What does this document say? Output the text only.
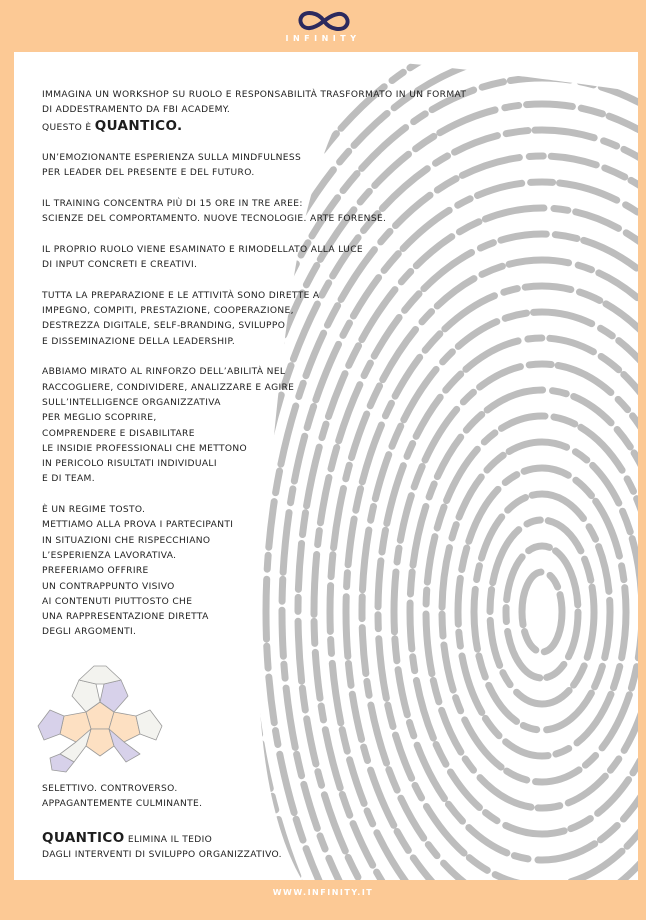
INFINITY

IMMAGINA UN WORKSHOP SU RUOLO E RESPONSABILITÀ TRASFORMATO IN UN FORMAT
DI ADDESTRAMENTO DA FBI ACADEMY.
QUESTO È QUANTICO.

UN’EMOZIONANTE ESPERIENZA SULLA MINDFULNESS
PER LEADER DEL PRESENTE E DEL FUTURO.

IL TRAINING CONCENTRA PIÙ DI 15 ORE IN TRE AREE:
SCIENZE DEL COMPORTAMENTO. NUOVE TECNOLOGIE. ARTE FORENSE.

IL PROPRIO RUOLO VIENE ESAMINATO E RIMODELLATO ALLA LUCE
DI INPUT CONCRETI E CREATIVI.

TUTTA LA PREPARAZIONE E LE ATTIVITÀ SONO DIRETTE A
IMPEGNO, COMPITI, PRESTAZIONE, COOPERAZIONE,
DESTREZZA DIGITALE, SELF-BRANDING, SVILUPPO
E DISSEMINAZIONE DELLA LEADERSHIP.

ABBIAMO MIRATO AL RINFORZO DELL’ABILITÀ NEL
RACCOGLIERE, CONDIVIDERE, ANALIZZARE E AGIRE
SULL’INTELLIGENCE ORGANIZZATIVA
PER MEGLIO SCOPRIRE,
COMPRENDERE E DISABILITARE
LE INSIDIE PROFESSIONALI CHE METTONO
IN PERICOLO RISULTATI INDIVIDUALI
E DI TEAM.

È UN REGIME TOSTO.
METTIAMO ALLA PROVA I PARTECIPANTI
IN SITUAZIONI CHE RISPECCHIANO
L’ESPERIENZA LAVORATIVA.
PREFERIAMO OFFRIRE
UN CONTRAPPUNTO VISIVO
AI CONTENUTI PIUTTOSTO CHE
UNA RAPPRESENTAZIONE DIRETTA
DEGLI ARGOMENTI.

SELETTIVO. CONTROVERSO.
APPAGANTEMENTE CULMINANTE.

QUANTICO ELIMINA IL TEDIO
DAGLI INTERVENTI DI SVILUPPO ORGANIZZATIVO.

WWW.INFINITY.IT
